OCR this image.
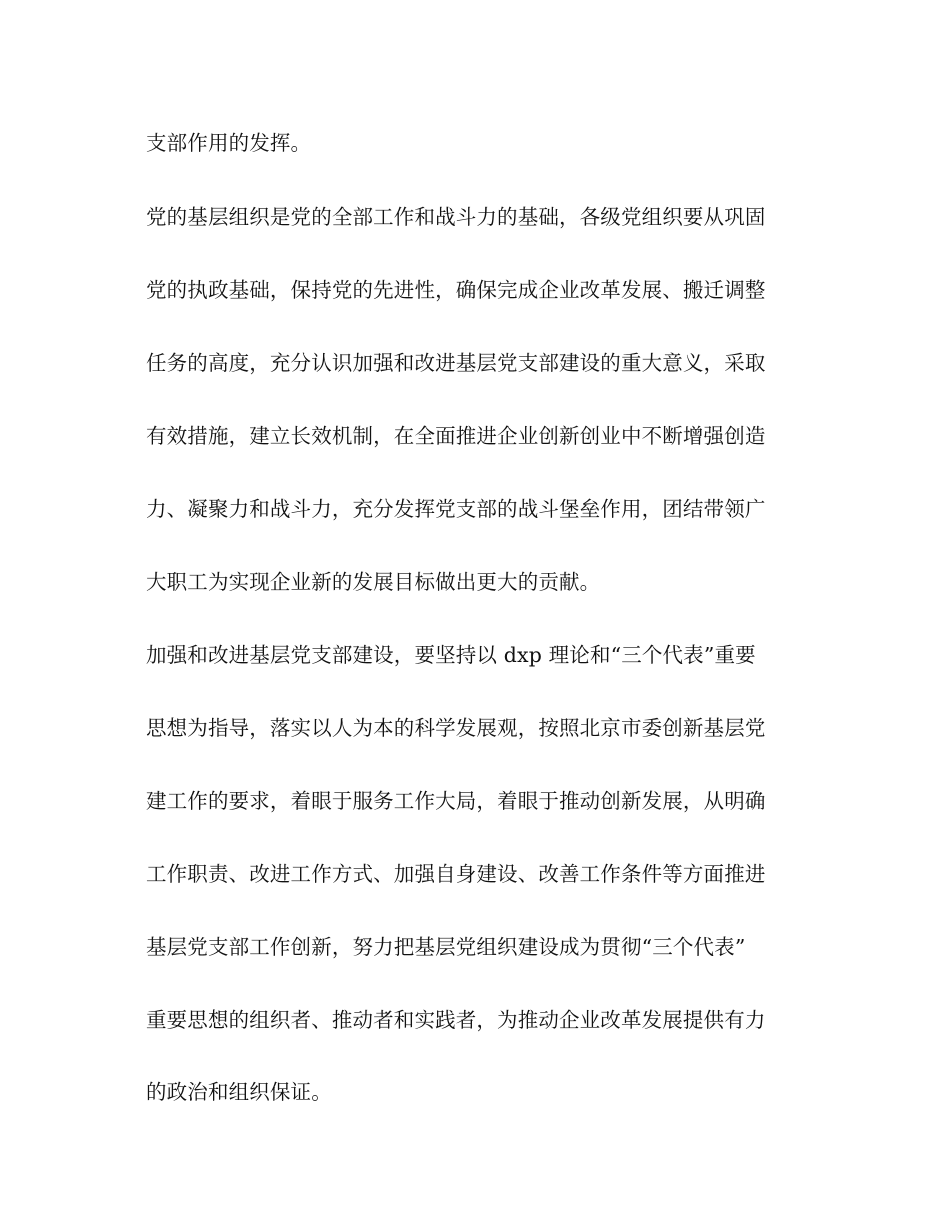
支部作用的发挥。

党的基层组织是党的全部工作和战斗力的基础，各级党组织要从巩固

党的执政基础，保持党的先进性，确保完成企业改革发展、搬迁调整

任务的高度，充分认识加强和改进基层党支部建设的重大意义，采取

有效措施，建立长效机制，在全面推进企业创新创业中不断增强创造

力、凝聚力和战斗力，充分发挥党支部的战斗堡垒作用，团结带领广

大职工为实现企业新的发展目标做出更大的贡献。

加强和改进基层党支部建设，要坚持以 dxp 理论和“三个代表”重要

思想为指导，落实以人为本的科学发展观，按照北京市委创新基层党

建工作的要求，着眼于服务工作大局，着眼于推动创新发展，从明确

工作职责、改进工作方式、加强自身建设、改善工作条件等方面推进

基层党支部工作创新，努力把基层党组织建设成为贯彻“三个代表”

重要思想的组织者、推动者和实践者，为推动企业改革发展提供有力

的政治和组织保证。
